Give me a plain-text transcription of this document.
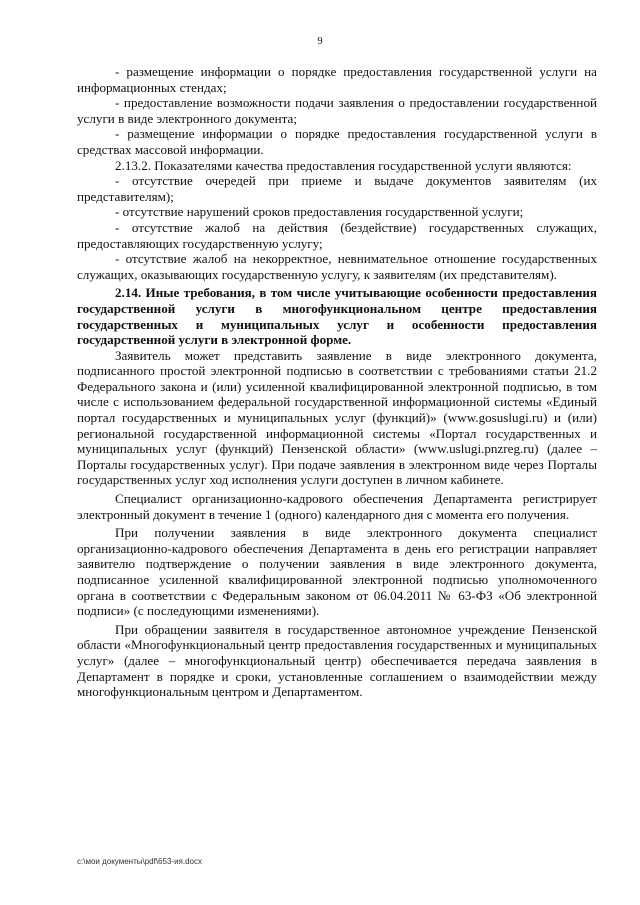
9

- размещение информации о порядке предоставления государственной услуги на информационных стендах;

- предоставление возможности подачи заявления о предоставлении государственной услуги в виде электронного документа;

- размещение информации о порядке предоставления государственной услуги в средствах массовой информации.

2.13.2. Показателями качества предоставления государственной услуги являются:

- отсутствие очередей при приеме и выдаче документов заявителям (их представителям);

- отсутствие нарушений сроков предоставления государственной услуги;

- отсутствие жалоб на действия (бездействие) государственных служащих, предоставляющих государственную услугу;

- отсутствие жалоб на некорректное, невнимательное отношение государственных служащих, оказывающих государственную услугу, к заявителям (их представителям).

2.14. Иные требования, в том числе учитывающие особенности предоставления государственной услуги в многофункциональном центре предоставления государственных и муниципальных услуг и особенности предоставления государственной услуги в электронной форме.

Заявитель может представить заявление в виде электронного документа, подписанного простой электронной подписью в соответствии с требованиями статьи 21.2 Федерального закона и (или) усиленной квалифицированной электронной подписью, в том числе с использованием федеральной государственной информационной системы «Единый портал государственных и муниципальных услуг (функций)» (www.gosuslugi.ru) и (или) региональной государственной информационной системы «Портал государственных и муниципальных услуг (функций) Пензенской области» (www.uslugi.pnzreg.ru) (далее – Порталы государственных услуг). При подаче заявления в электронном виде через Порталы государственных услуг ход исполнения услуги доступен в личном кабинете.

Специалист организационно-кадрового обеспечения Департамента регистрирует электронный документ в течение 1 (одного) календарного дня с момента его получения.

При получении заявления в виде электронного документа специалист организационно-кадрового обеспечения Департамента в день его регистрации направляет заявителю подтверждение о получении заявления в виде электронного документа, подписанное усиленной квалифицированной электронной подписью уполномоченного органа в соответствии с Федеральным законом от 06.04.2011 № 63-ФЗ «Об электронной подписи» (с последующими изменениями).

При обращении заявителя в государственное автономное учреждение Пензенской области «Многофункциональный центр предоставления государственных и муниципальных услуг» (далее – многофункциональный центр) обеспечивается передача заявления в Департамент в порядке и сроки, установленные соглашением о взаимодействии между многофункциональным центром и Департаментом.

c:\мои документы\pdf\653-ия.docx
